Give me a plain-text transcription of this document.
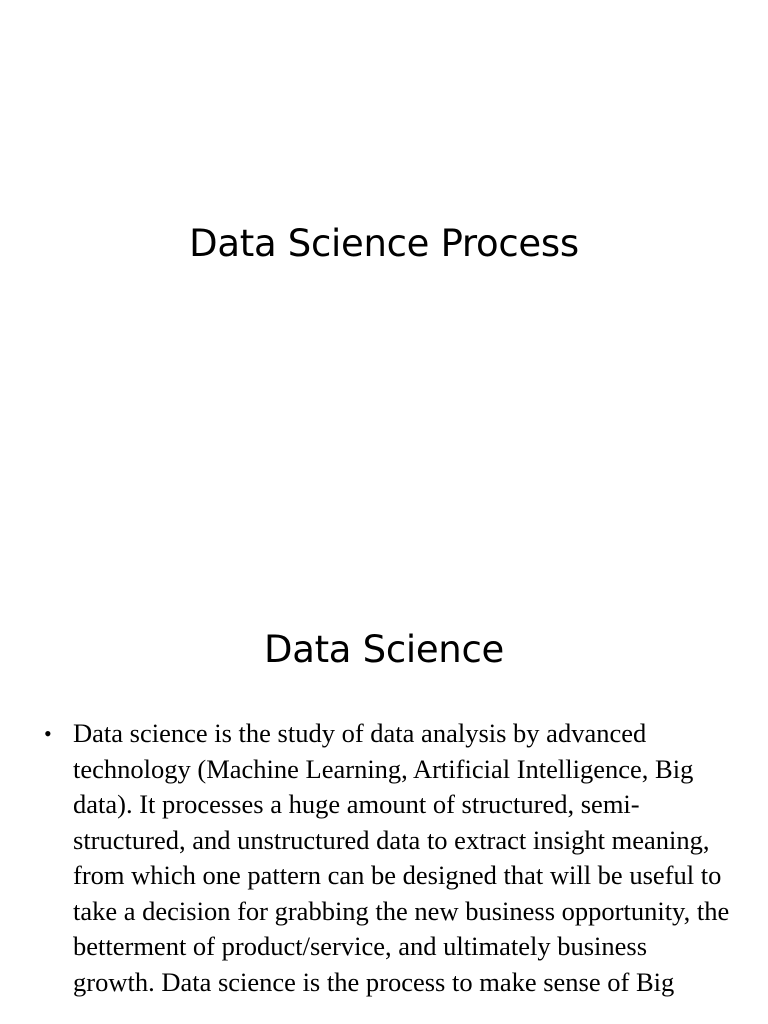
Data Science Process
Data Science
• Data science is the study of data analysis by advanced technology (Machine Learning, Artificial Intelligence, Big data). It processes a huge amount of structured, semi-structured, and unstructured data to extract insight meaning, from which one pattern can be designed that will be useful to take a decision for grabbing the new business opportunity, the betterment of product/service, and ultimately business growth. Data science is the process to make sense of Big
